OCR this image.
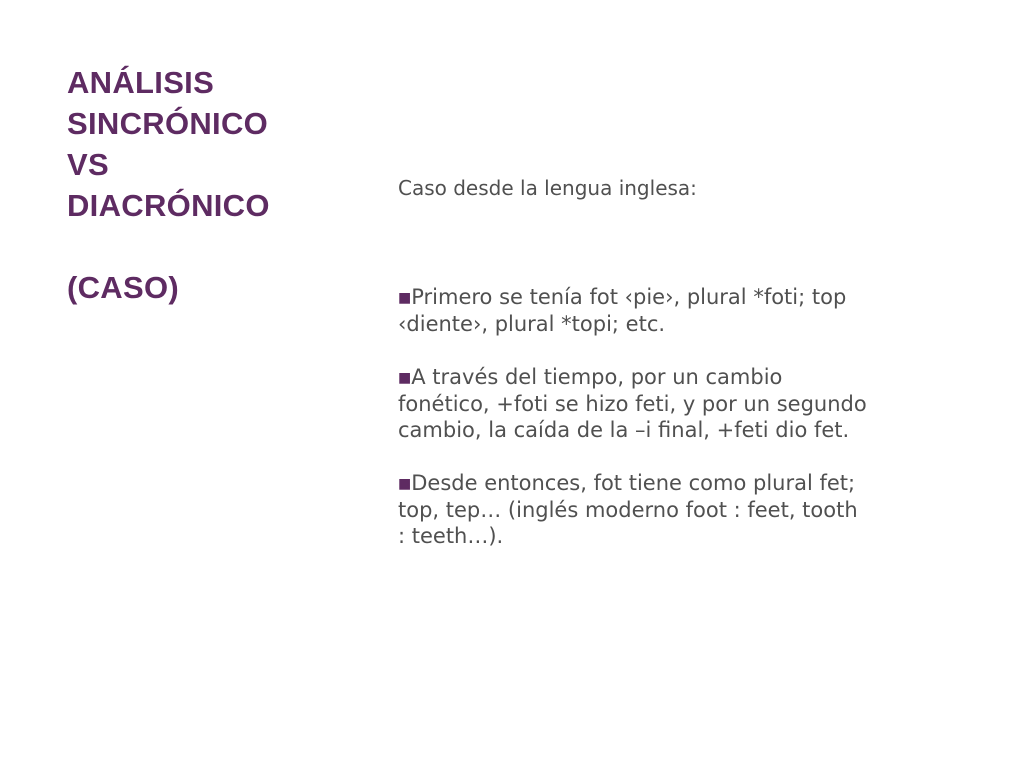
ANÁLISIS
SINCRÓNICO
VS
DIACRÓNICO
(CASO)

Caso desde la lengua inglesa:

■Primero se tenía fot ‹pie›, plural *foti; top ‹diente›, plural *topi; etc.

■A través del tiempo, por un cambio fonético, +foti se hizo feti, y por un segundo cambio, la caída de la –i final, +feti dio fet.

■Desde entonces, fot tiene como plural fet; top, tep… (inglés moderno foot : feet, tooth : teeth…).
